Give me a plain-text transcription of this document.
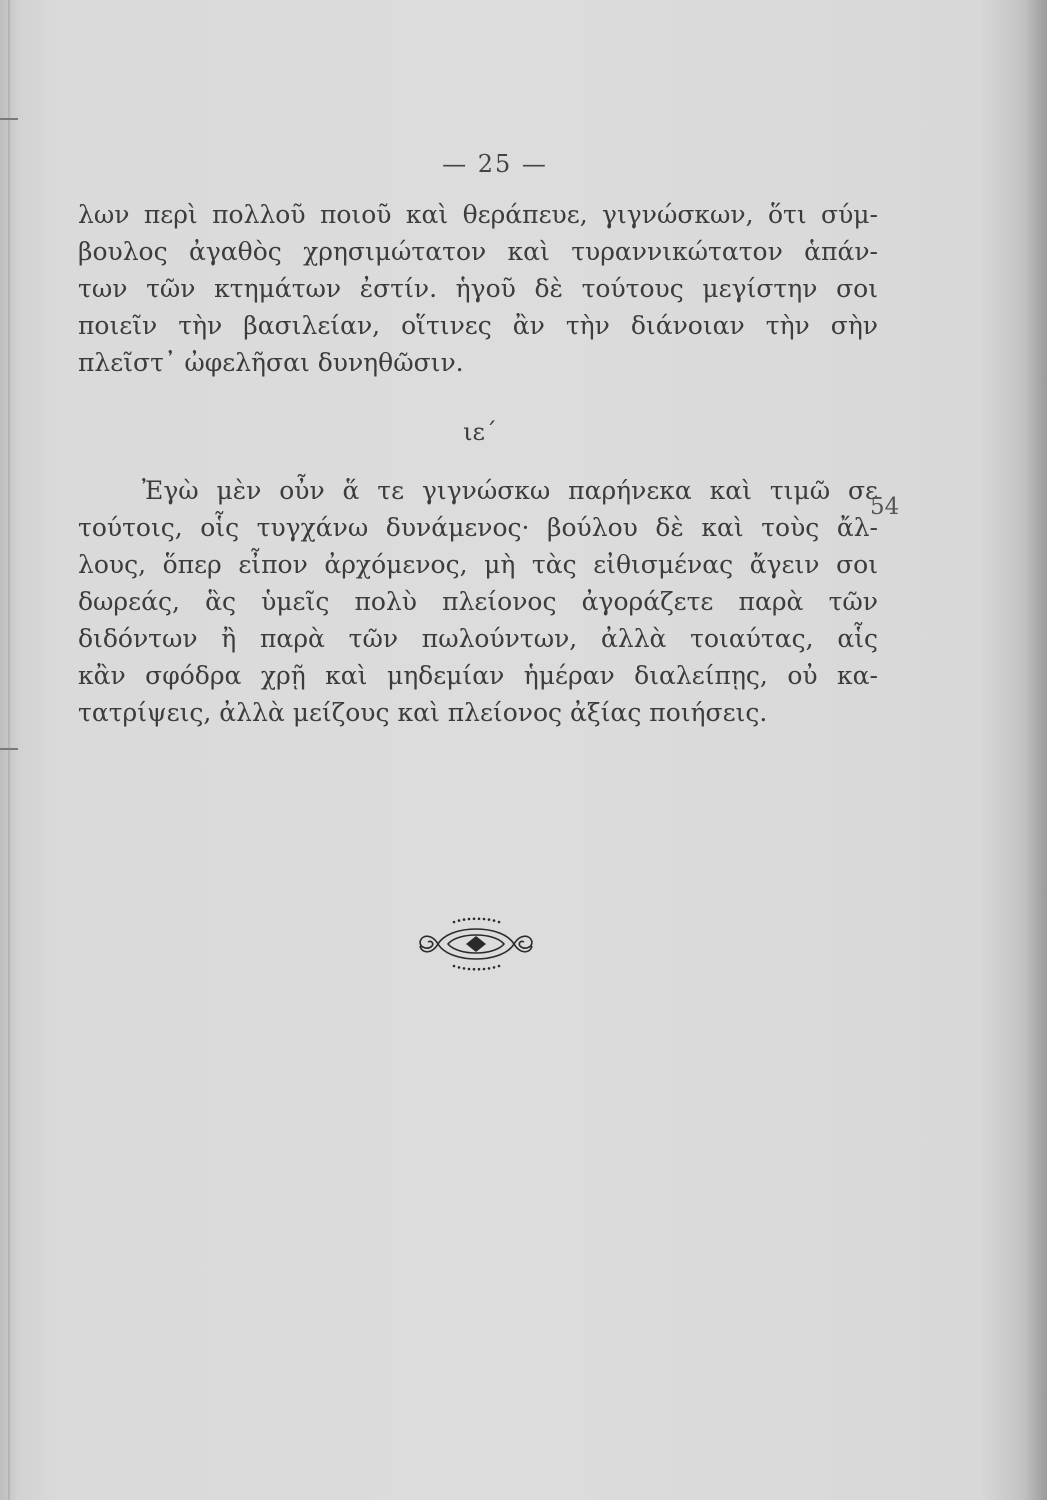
— 25 —
λων περὶ πολλοῦ ποιοῦ καὶ θεράπευε, γιγνώσκων, ὅτι σύμ-
βουλος ἀγαθὸς χρησιμώτατον καὶ τυραννικώτατον ἁπάν-
των τῶν κτημάτων ἐστίν. ἡγοῦ δὲ τούτους μεγίστην σοι
ποιεῖν τὴν βασιλείαν, οἵτινες ἂν τὴν διάνοιαν τὴν σὴν
πλεῖστ᾽ ὠφελῆσαι δυνηθῶσιν.
ιε΄
Ἐγὼ μὲν οὖν ἅ τε γιγνώσκω παρήνεκα καὶ τιμῶ σε
τούτοις, οἷς τυγχάνω δυνάμενος· βούλου δὲ καὶ τοὺς ἄλ-
λους, ὅπερ εἶπον ἀρχόμενος, μὴ τὰς εἰθισμένας ἄγειν σοι
δωρεάς, ἃς ὑμεῖς πολὺ πλείονος ἀγοράζετε παρὰ τῶν
διδόντων ἢ παρὰ τῶν πωλούντων, ἀλλὰ τοιαύτας, αἷς
κἂν σφόδρα χρῇ καὶ μηδεμίαν ἡμέραν διαλείπῃς, οὐ κα-
τατρίψεις, ἀλλὰ μείζους καὶ πλείονος ἀξίας ποιήσεις.
54
